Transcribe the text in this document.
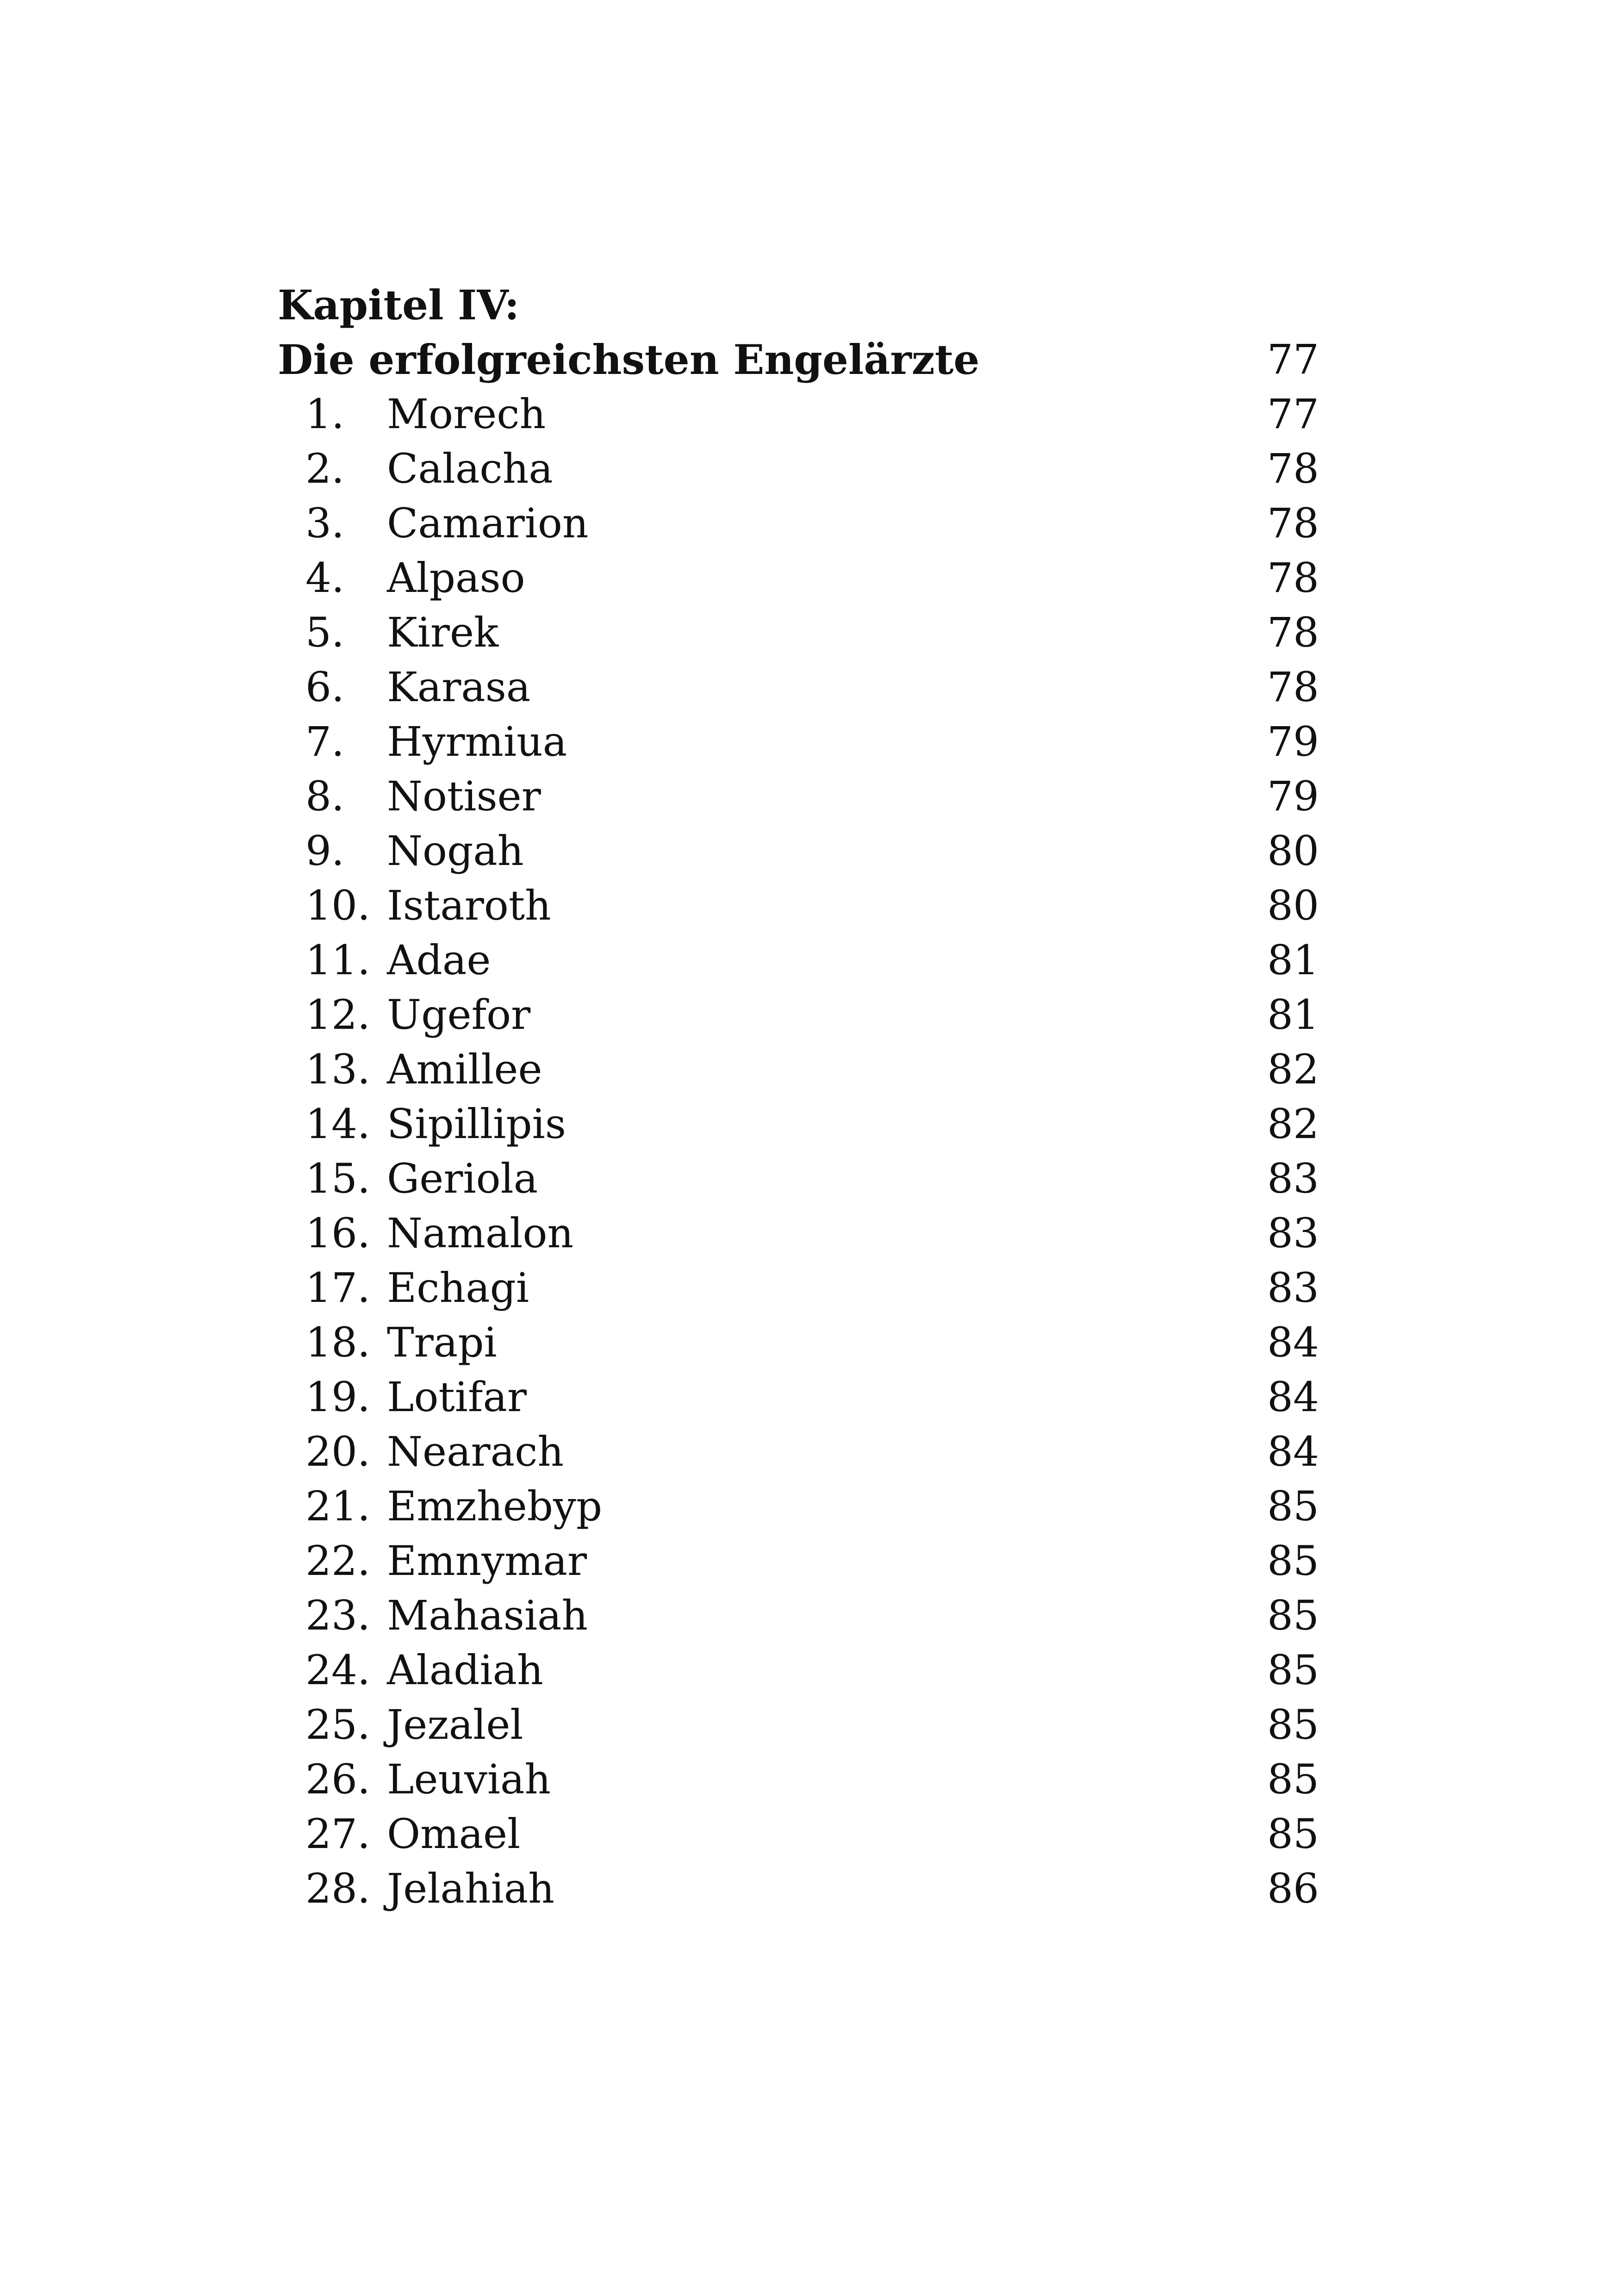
Kapitel IV:
Die erfolgreichsten Engelärzte	77
1. Morech	77
2. Calacha	78
3. Camarion	78
4. Alpaso	78
5. Kirek	78
6. Karasa	78
7. Hyrmiua	79
8. Notiser	79
9. Nogah	80
10. Istaroth	80
11. Adae	81
12. Ugefor	81
13. Amillee	82
14. Sipillipis	82
15. Geriola	83
16. Namalon	83
17. Echagi	83
18. Trapi	84
19. Lotifar	84
20. Nearach	84
21. Emzhebyp	85
22. Emnymar	85
23. Mahasiah	85
24. Aladiah	85
25. Jezalel	85
26. Leuviah	85
27. Omael	85
28. Jelahiah	86
